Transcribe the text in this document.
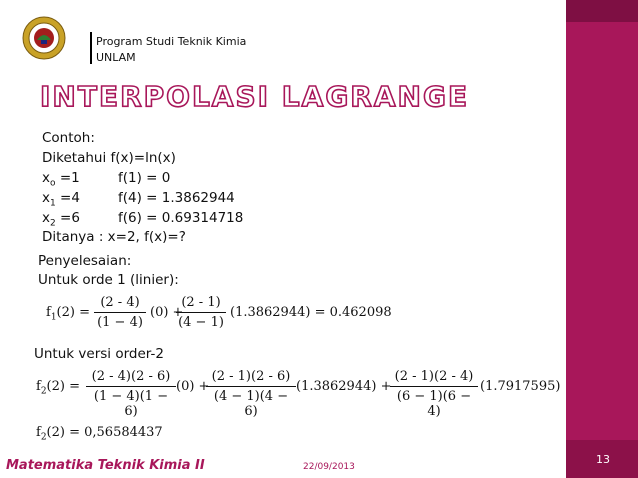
Program Studi Teknik Kimia
UNLAM
INTERPOLASI LAGRANGE
Contoh:
Diketahui f(x)=ln(x)
$x_o =1$	f(1) = 0
$x_1 =4$	f(4) = 1.3862944
$x_2 =6$	f(6) = 0.69314718
Ditanya : x=2, f(x)=?
Penyelesaian:
Untuk orde 1 (linier):
$f_1(2)$ =
(2 - 4)
(1 − 4)
(0) +
(2 - 1)
(4 − 1)
(1.3862944) = 0.462098
Untuk versi order-2
$f_2(2)$ =
(2 - 4)(2 - 6)
(1 − 4)(1 − 6)
(0) +
(2 - 1)(2 - 6)
(4 − 1)(4 − 6)
(1.3862944) +
(2 - 1)(2 - 4)
(6 − 1)(6 − 4)
(1.7917595)
$f_2(2) = 0,56584437$
Matematika Teknik Kimia II	22/09/2013
13
